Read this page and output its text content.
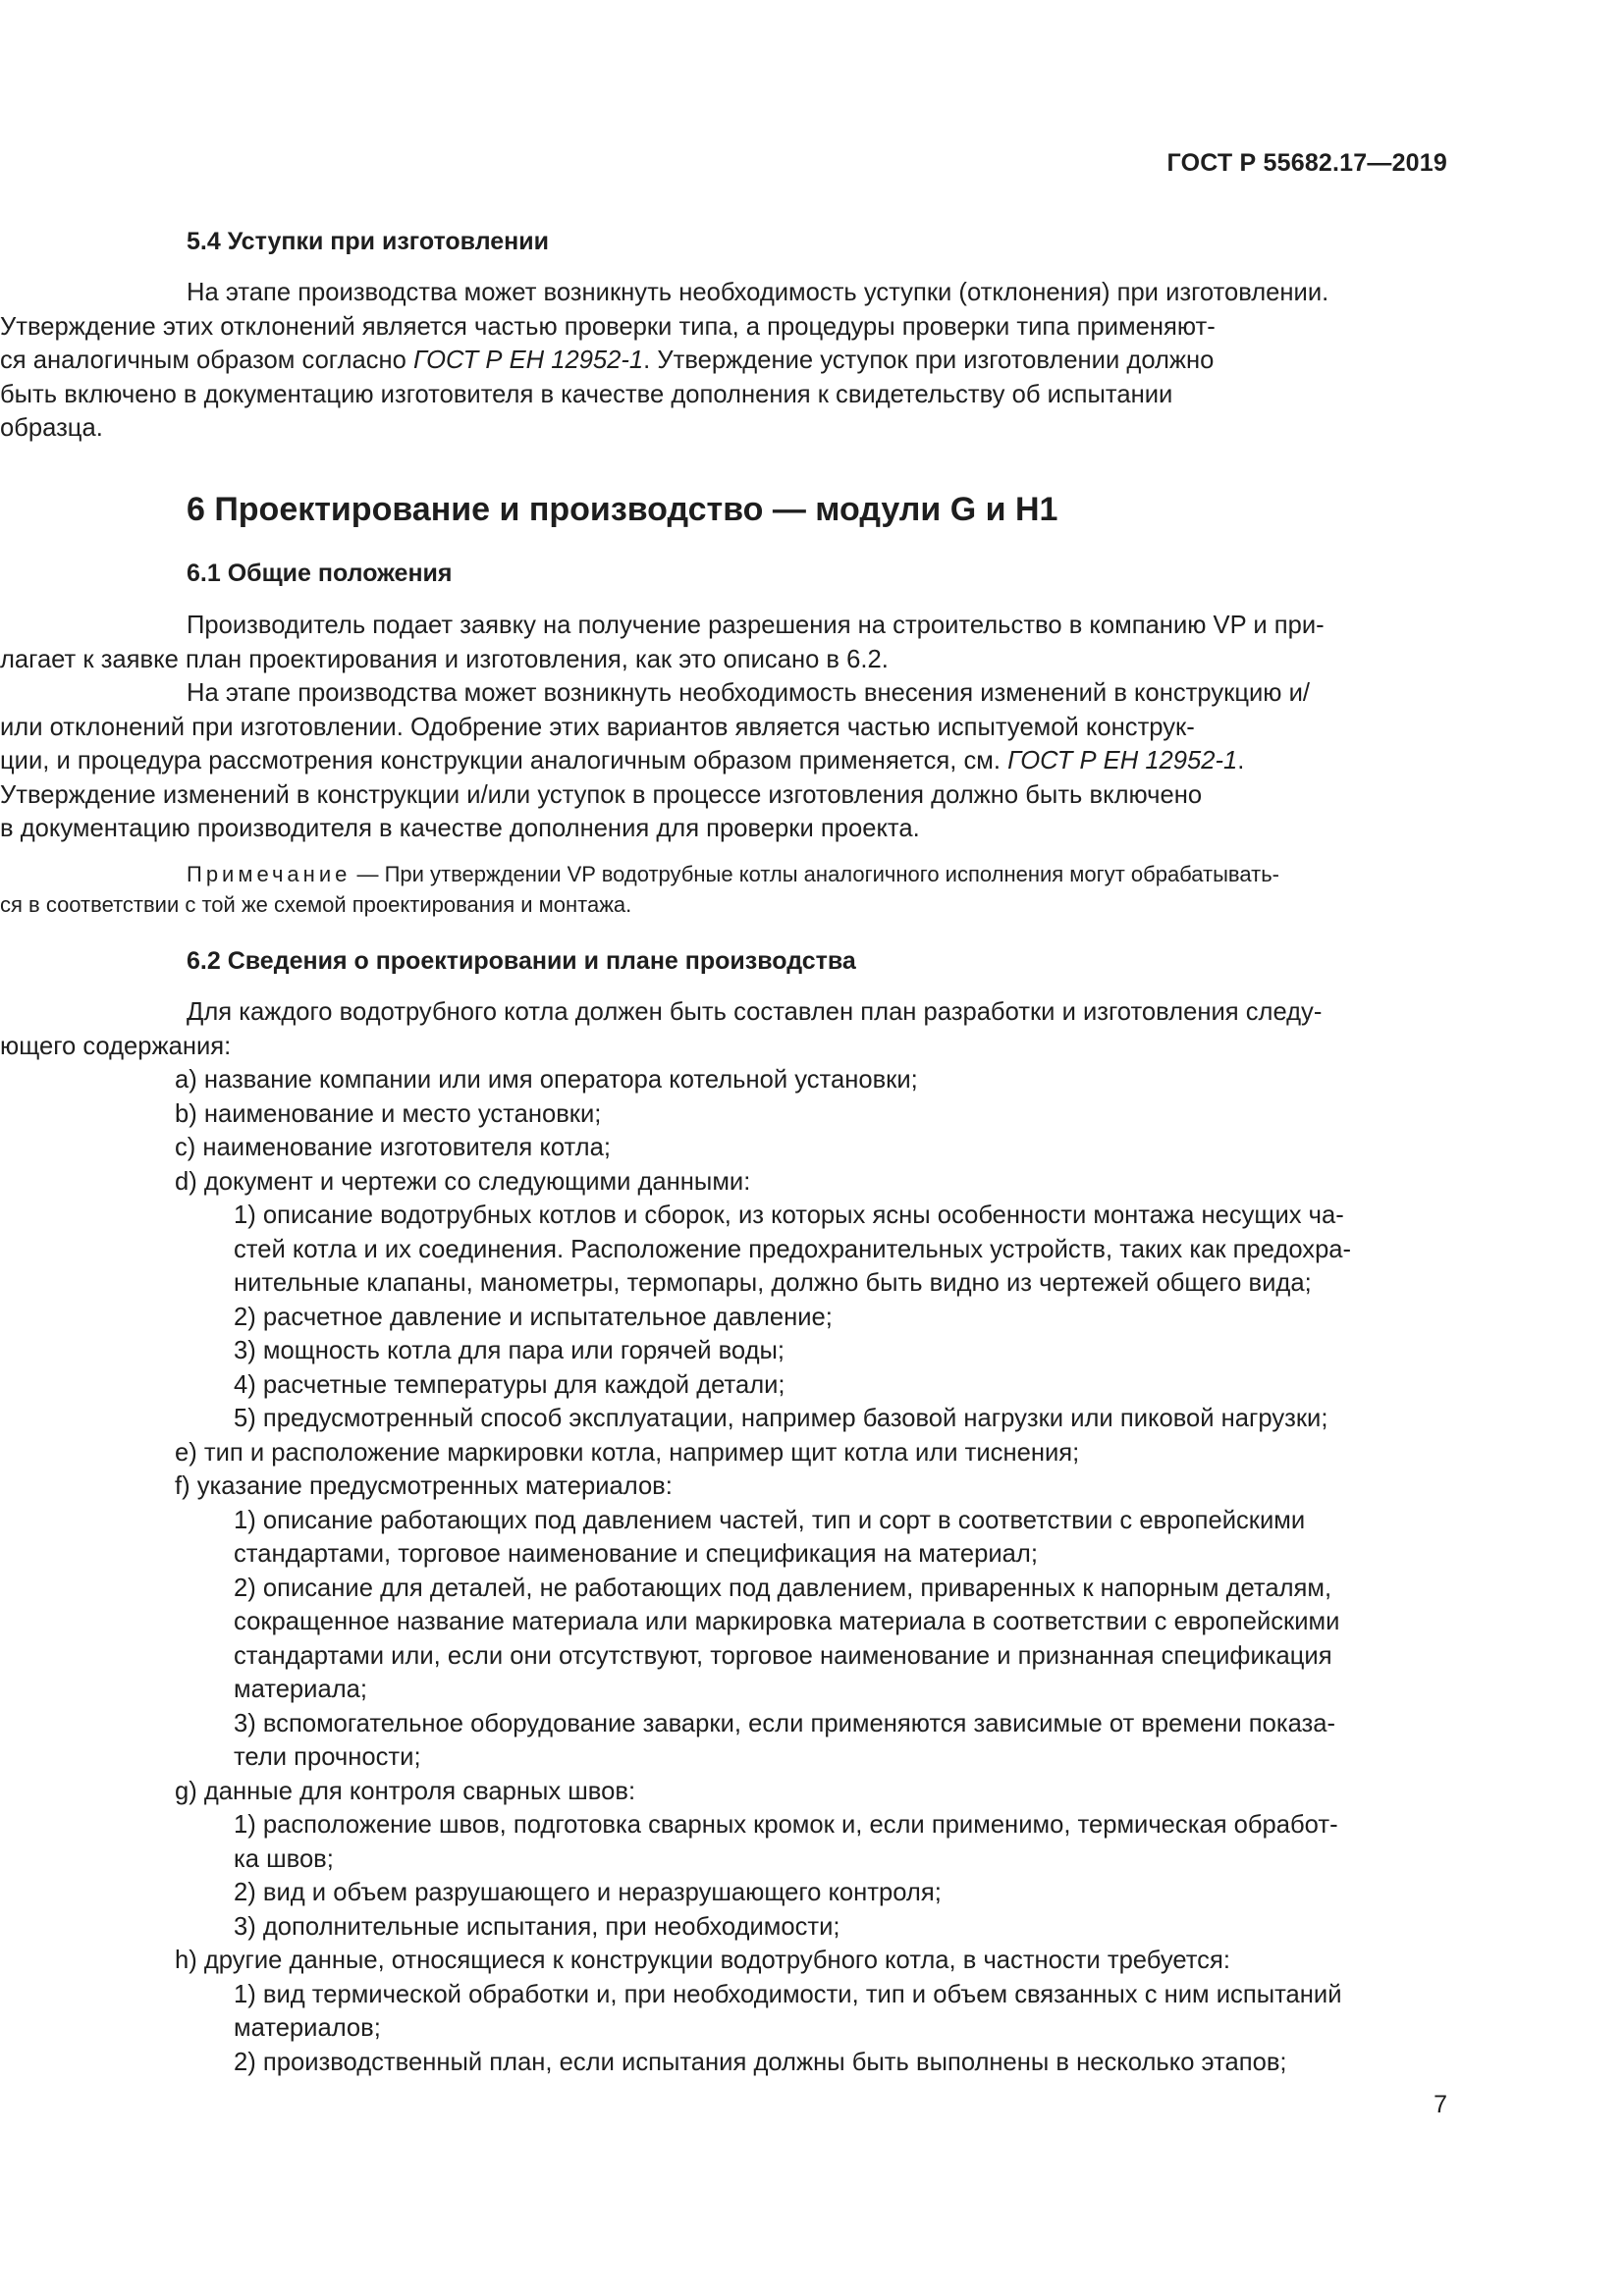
ГОСТ Р 55682.17—2019
5.4 Уступки при изготовлении
На этапе производства может возникнуть необходимость уступки (отклонения) при изготовлении.
Утверждение этих отклонений является частью проверки типа, а процедуры проверки типа применяют-
ся аналогичным образом согласно ГОСТ Р ЕН 12952-1. Утверждение уступок при изготовлении должно
быть включено в документацию изготовителя в качестве дополнения к свидетельству об испытании
образца.
6 Проектирование и производство — модули G и H1
6.1 Общие положения
Производитель подает заявку на получение разрешения на строительство в компанию VP и при-
лагает к заявке план проектирования и изготовления, как это описано в 6.2.
На этапе производства может возникнуть необходимость внесения изменений в конструкцию и/
или отклонений при изготовлении. Одобрение этих вариантов является частью испытуемой конструк-
ции, и процедура рассмотрения конструкции аналогичным образом применяется, см. ГОСТ Р ЕН 12952-1.
Утверждение изменений в конструкции и/или уступок в процессе изготовления должно быть включено
в документацию производителя в качестве дополнения для проверки проекта.
Примечание — При утверждении VP водотрубные котлы аналогичного исполнения могут обрабатывать-
ся в соответствии с той же схемой проектирования и монтажа.
6.2 Сведения о проектировании и плане производства
Для каждого водотрубного котла должен быть составлен план разработки и изготовления следу-
ющего содержания:
a) название компании или имя оператора котельной установки;
b) наименование и место установки;
c) наименование изготовителя котла;
d) документ и чертежи со следующими данными:
1) описание водотрубных котлов и сборок, из которых ясны особенности монтажа несущих ча-
стей котла и их соединения. Расположение предохранительных устройств, таких как предохра-
нительные клапаны, манометры, термопары, должно быть видно из чертежей общего вида;
2) расчетное давление и испытательное давление;
3) мощность котла для пара или горячей воды;
4) расчетные температуры для каждой детали;
5) предусмотренный способ эксплуатации, например базовой нагрузки или пиковой нагрузки;
e) тип и расположение маркировки котла, например щит котла или тиснения;
f) указание предусмотренных материалов:
1) описание работающих под давлением частей, тип и сорт в соответствии с европейскими
стандартами, торговое наименование и спецификация на материал;
2) описание для деталей, не работающих под давлением, приваренных к напорным деталям,
сокращенное название материала или маркировка материала в соответствии с европейскими
стандартами или, если они отсутствуют, торговое наименование и признанная спецификация
материала;
3) вспомогательное оборудование заварки, если применяются зависимые от времени показа-
тели прочности;
g) данные для контроля сварных швов:
1) расположение швов, подготовка сварных кромок и, если применимо, термическая обработ-
ка швов;
2) вид и объем разрушающего и неразрушающего контроля;
3) дополнительные испытания, при необходимости;
h) другие данные, относящиеся к конструкции водотрубного котла, в частности требуется:
1) вид термической обработки и, при необходимости, тип и объем связанных с ним испытаний
материалов;
2) производственный план, если испытания должны быть выполнены в несколько этапов;
7
